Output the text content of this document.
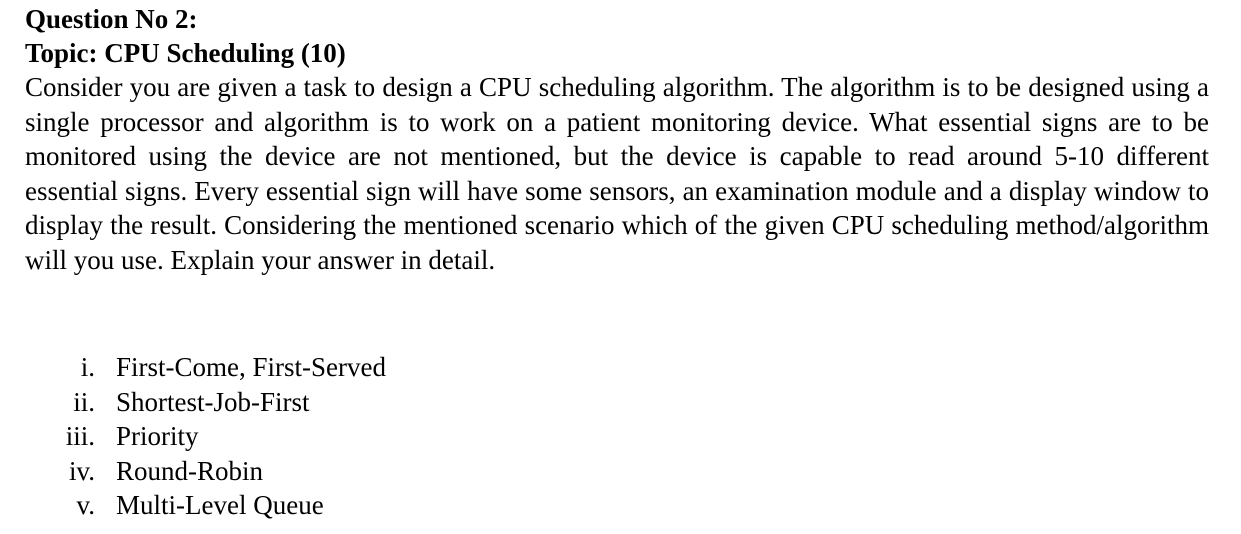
Question No 2:
Topic: CPU Scheduling (10)

Consider you are given a task to design a CPU scheduling algorithm. The algorithm is to be designed using a single processor and algorithm is to work on a patient monitoring device. What essential signs are to be monitored using the device are not mentioned, but the device is capable to read around 5-10 different essential signs. Every essential sign will have some sensors, an examination module and a display window to display the result. Considering the mentioned scenario which of the given CPU scheduling method/algorithm will you use. Explain your answer in detail.

i. First-Come, First-Served
ii. Shortest-Job-First
iii. Priority
iv. Round-Robin
v. Multi-Level Queue
